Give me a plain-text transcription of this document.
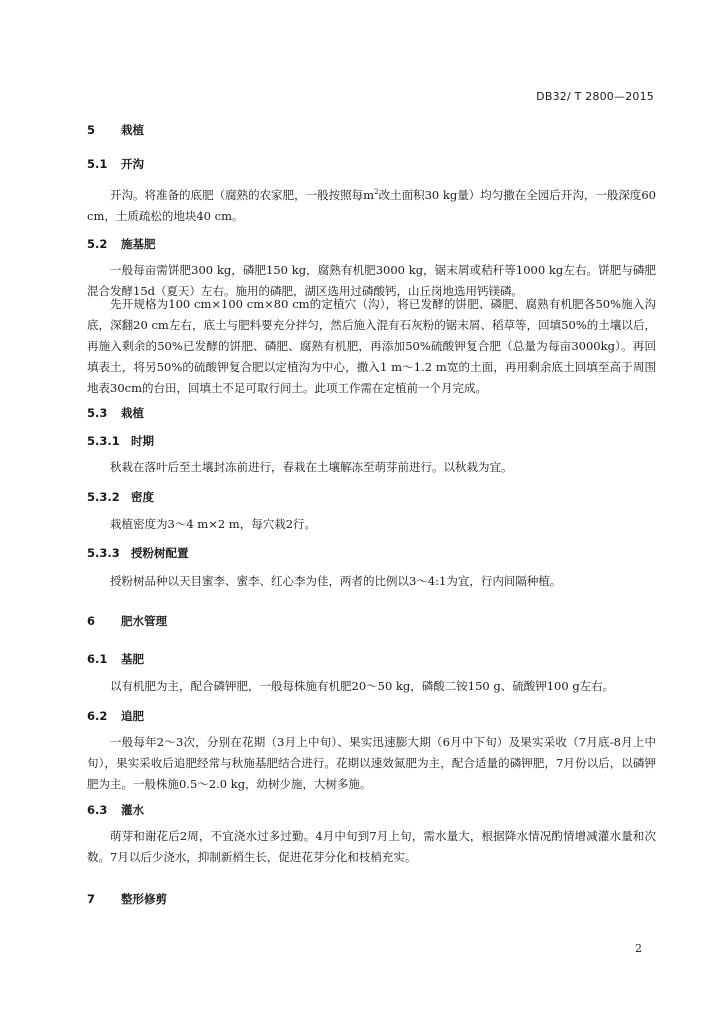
DB32/ T 2800—2015

5 栽植

5.1 开沟

开沟。将准备的底肥（腐熟的农家肥，一般按照每$m^2$改土面积30 kg量）均匀撒在全园后开沟，一般深度60 cm，土质疏松的地块40 cm。

5.2 施基肥

一般每亩需饼肥300 kg，磷肥150 kg，腐熟有机肥3000 kg，锯末屑或秸秆等1000 kg左右。饼肥与磷肥混合发酵15d（夏天）左右。施用的磷肥，湖区选用过磷酸钙，山丘岗地选用钙镁磷。

先开规格为100 cm×100 cm×80 cm的定植穴（沟），将已发酵的饼肥、磷肥、腐熟有机肥各50%施入沟底，深翻20 cm左右，底土与肥料要充分拌匀，然后施入混有石灰粉的锯末屑、稻草等，回填50%的土壤以后，再施入剩余的50%已发酵的饼肥、磷肥、腐熟有机肥，再添加50%硫酸钾复合肥（总量为每亩3000kg）。再回填表土，将另50%的硫酸钾复合肥以定植沟为中心，撒入1 m～1.2 m宽的土面，再用剩余底土回填至高于周围地表30cm的台田，回填土不足可取行间土。此项工作需在定植前一个月完成。

5.3 栽植

5.3.1 时期

秋栽在落叶后至土壤封冻前进行，春栽在土壤解冻至萌芽前进行。以秋栽为宜。

5.3.2 密度

栽植密度为3～4 m×2 m，每穴栽2行。

5.3.3 授粉树配置

授粉树品种以天目蜜李、蜜李、红心李为佳，两者的比例以3～4:1为宜，行内间隔种植。

6 肥水管理

6.1 基肥

以有机肥为主，配合磷钾肥，一般每株施有机肥20～50 kg，磷酸二铵150 g、硫酸钾100 g左右。

6.2 追肥

一般每年2～3次，分别在花期（3月上中旬）、果实迅速膨大期（6月中下旬）及果实采收（7月底-8月上中旬），果实采收后追肥经常与秋施基肥结合进行。花期以速效氮肥为主，配合适量的磷钾肥，7月份以后，以磷钾肥为主。一般株施0.5～2.0 kg，幼树少施，大树多施。

6.3 灌水

萌芽和谢花后2周，不宜浇水过多过勤。4月中旬到7月上旬，需水量大，根据降水情况酌情增减灌水量和次数。7月以后少浇水，抑制新梢生长，促进花芽分化和枝梢充实。

7 整形修剪

2
